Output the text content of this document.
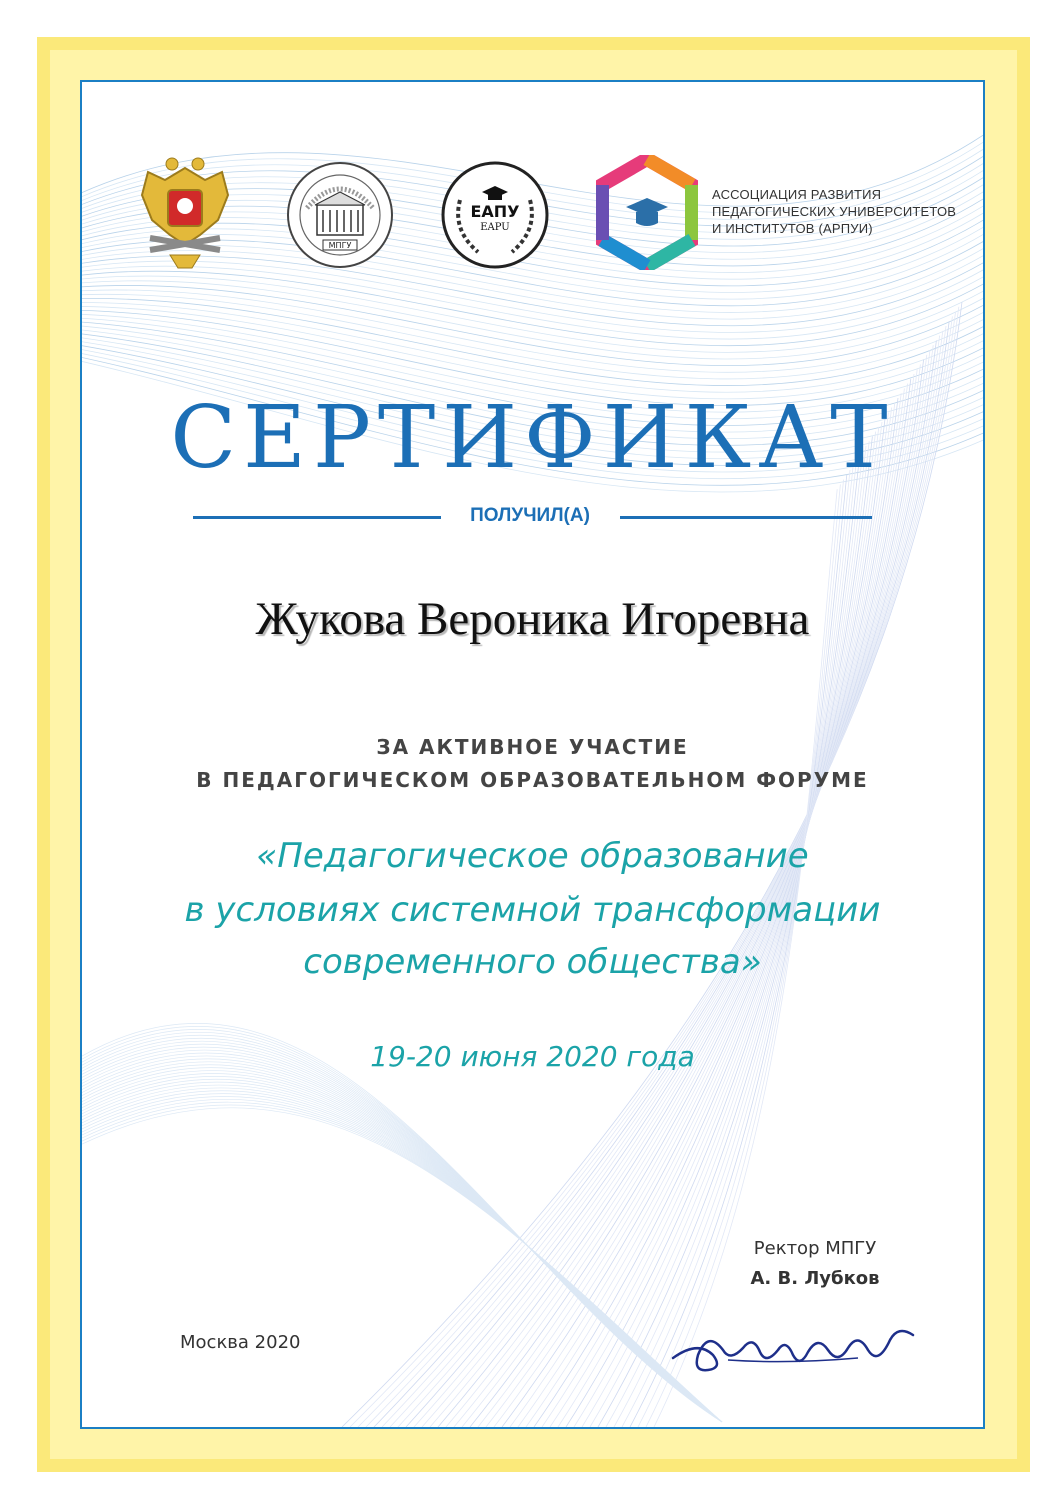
МПГУ
ЕАПУ
EAPU
АССОЦИАЦИЯ РАЗВИТИЯ
ПЕДАГОГИЧЕСКИХ УНИВЕРСИТЕТОВ
И ИНСТИТУТОВ (АРПУИ)
СЕРТИФИКАТ
ПОЛУЧИЛ(А)
Жукова Вероника Игоревна
ЗА АКТИВНОЕ УЧАСТИЕ
В ПЕДАГОГИЧЕСКОМ ОБРАЗОВАТЕЛЬНОМ ФОРУМЕ
«Педагогическое образование
в условиях системной трансформации
современного общества»
19-20 июня 2020 года
Ректор МПГУ
А. В. Лубков
Москва 2020
